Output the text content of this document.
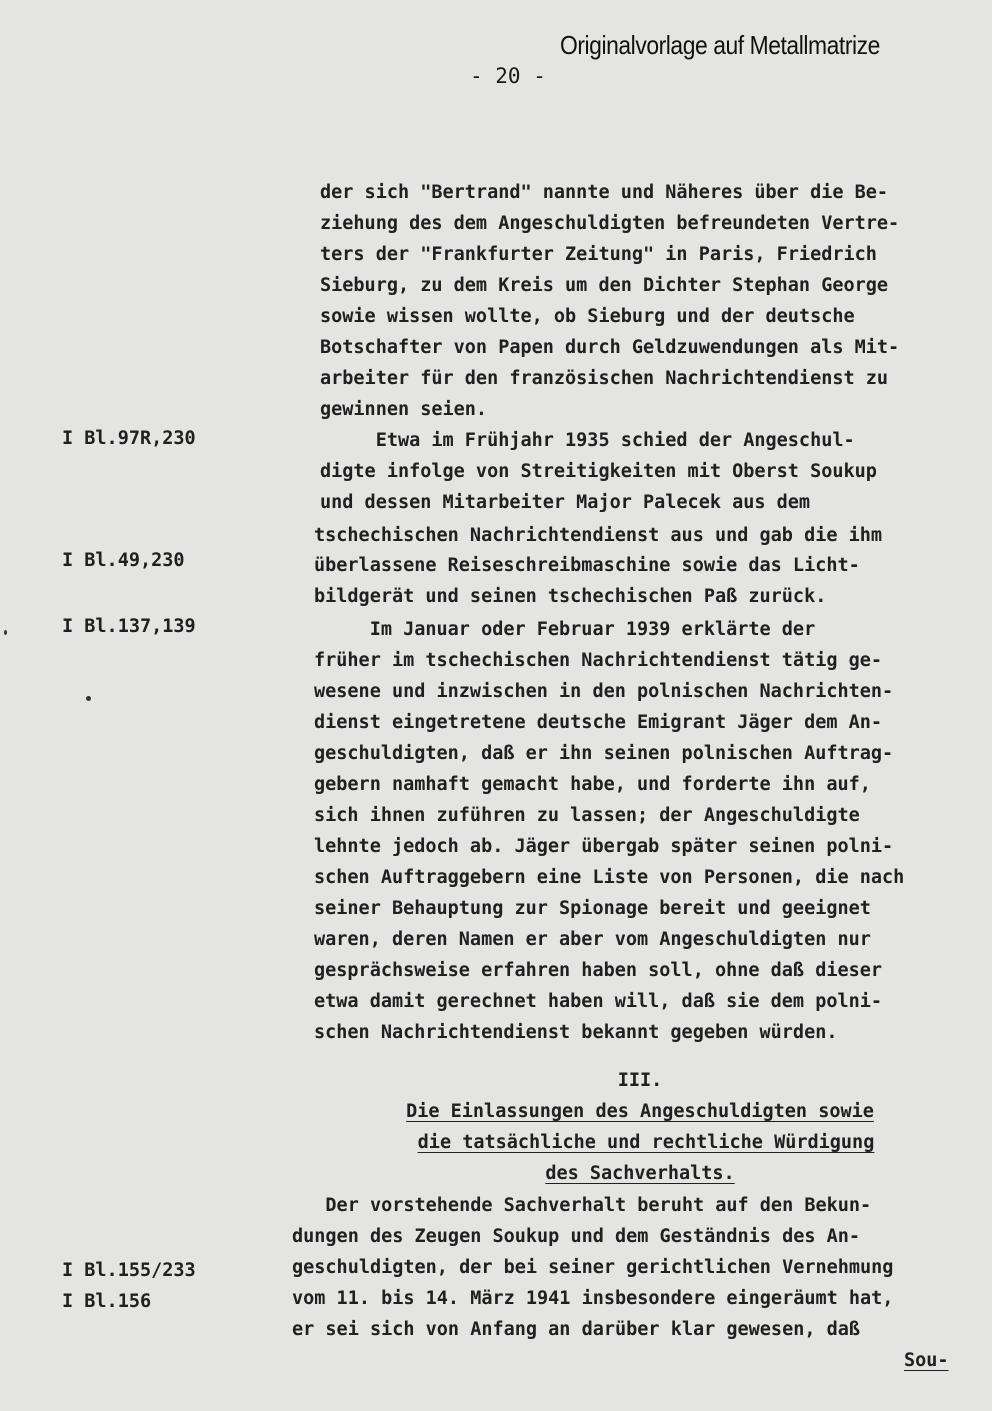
Originalvorlage auf Metallmatrize
- 20 -
I Bl.97R,230
I Bl.49,230
I Bl.137,139
I Bl.155/233
I Bl.156
der sich "Bertrand" nannte und Näheres über die Be-
ziehung des dem Angeschuldigten befreundeten Vertre-
ters der "Frankfurter Zeitung" in Paris, Friedrich
Sieburg, zu dem Kreis um den Dichter Stephan George
sowie wissen wollte, ob Sieburg und der deutsche
Botschafter von Papen durch Geldzuwendungen als Mit-
arbeiter für den französischen Nachrichtendienst zu
gewinnen seien.
Etwa im Frühjahr 1935 schied der Angeschul-
digte infolge von Streitigkeiten mit Oberst Soukup
und dessen Mitarbeiter Major Palecek aus dem
tschechischen Nachrichtendienst aus und gab die ihm
überlassene Reiseschreibmaschine sowie das Licht-
bildgerät und seinen tschechischen Paß zurück.
Im Januar oder Februar 1939 erklärte der
früher im tschechischen Nachrichtendienst tätig ge-
wesene und inzwischen in den polnischen Nachrichten-
dienst eingetretene deutsche Emigrant Jäger dem An-
geschuldigten, daß er ihn seinen polnischen Auftrag-
gebern namhaft gemacht habe, und forderte ihn auf,
sich ihnen zuführen zu lassen; der Angeschuldigte
lehnte jedoch ab. Jäger übergab später seinen polni-
schen Auftraggebern eine Liste von Personen, die nach
seiner Behauptung zur Spionage bereit und geeignet
waren, deren Namen er aber vom Angeschuldigten nur
gesprächsweise erfahren haben soll, ohne daß dieser
etwa damit gerechnet haben will, daß sie dem polni-
schen Nachrichtendienst bekannt gegeben würden.
III.
Die Einlassungen des Angeschuldigten sowie
die tatsächliche und rechtliche Würdigung
des Sachverhalts.
Der vorstehende Sachverhalt beruht auf den Bekun-
dungen des Zeugen Soukup und dem Geständnis des An-
geschuldigten, der bei seiner gerichtlichen Vernehmung
vom 11. bis 14. März 1941 insbesondere eingeräumt hat,
er sei sich von Anfang an darüber klar gewesen, daß
Sou-
